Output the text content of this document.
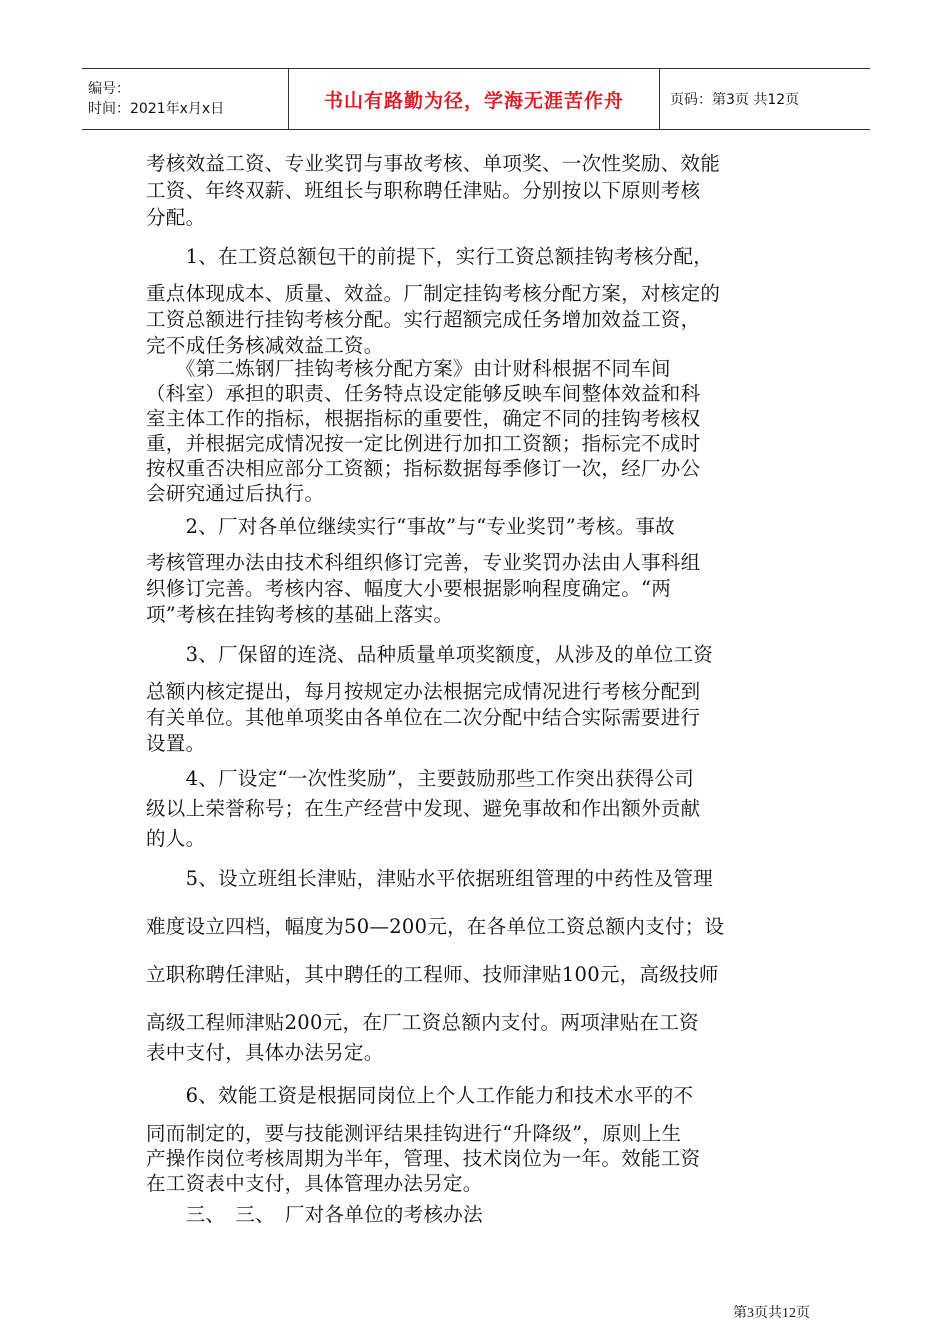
编号：
时间：2021年x月x日	书山有路勤为径，学海无涯苦作舟	页码：第3页 共12页

考核效益工资、专业奖罚与事故考核、单项奖、一次性奖励、效能
工资、年终双薪、班组长与职称聘任津贴。分别按以下原则考核
分配。

　　1、在工资总额包干的前提下，实行工资总额挂钩考核分配，

重点体现成本、质量、效益。厂制定挂钩考核分配方案，对核定的
工资总额进行挂钩考核分配。实行超额完成任务增加效益工资，
完不成任务核减效益工资。

　　《第二炼钢厂挂钩考核分配方案》由计财科根据不同车间
（科室）承担的职责、任务特点设定能够反映车间整体效益和科
室主体工作的指标，根据指标的重要性，确定不同的挂钩考核权
重，并根据完成情况按一定比例进行加扣工资额；指标完不成时
按权重否决相应部分工资额；指标数据每季修订一次，经厂办公
会研究通过后执行。

　　2、厂对各单位继续实行“事故”与“专业奖罚”考核。事故

考核管理办法由技术科组织修订完善，专业奖罚办法由人事科组
织修订完善。考核内容、幅度大小要根据影响程度确定。“两
项”考核在挂钩考核的基础上落实。

　　3、厂保留的连浇、品种质量单项奖额度，从涉及的单位工资

总额内核定提出，每月按规定办法根据完成情况进行考核分配到
有关单位。其他单项奖由各单位在二次分配中结合实际需要进行
设置。

　　4、厂设定“一次性奖励”，主要鼓励那些工作突出获得公司
级以上荣誉称号；在生产经营中发现、避免事故和作出额外贡献
的人。

　　5、设立班组长津贴，津贴水平依据班组管理的中药性及管理

难度设立四档，幅度为50—200元，在各单位工资总额内支付；设

立职称聘任津贴，其中聘任的工程师、技师津贴100元，高级技师

高级工程师津贴200元，在厂工资总额内支付。两项津贴在工资
表中支付，具体办法另定。

　　6、效能工资是根据同岗位上个人工作能力和技术水平的不

同而制定的，要与技能测评结果挂钩进行“升降级”，原则上生
产操作岗位考核周期为半年，管理、技术岗位为一年。效能工资
在工资表中支付，具体管理办法另定。

　　三、　三、　厂对各单位的考核办法

第3页共12页
